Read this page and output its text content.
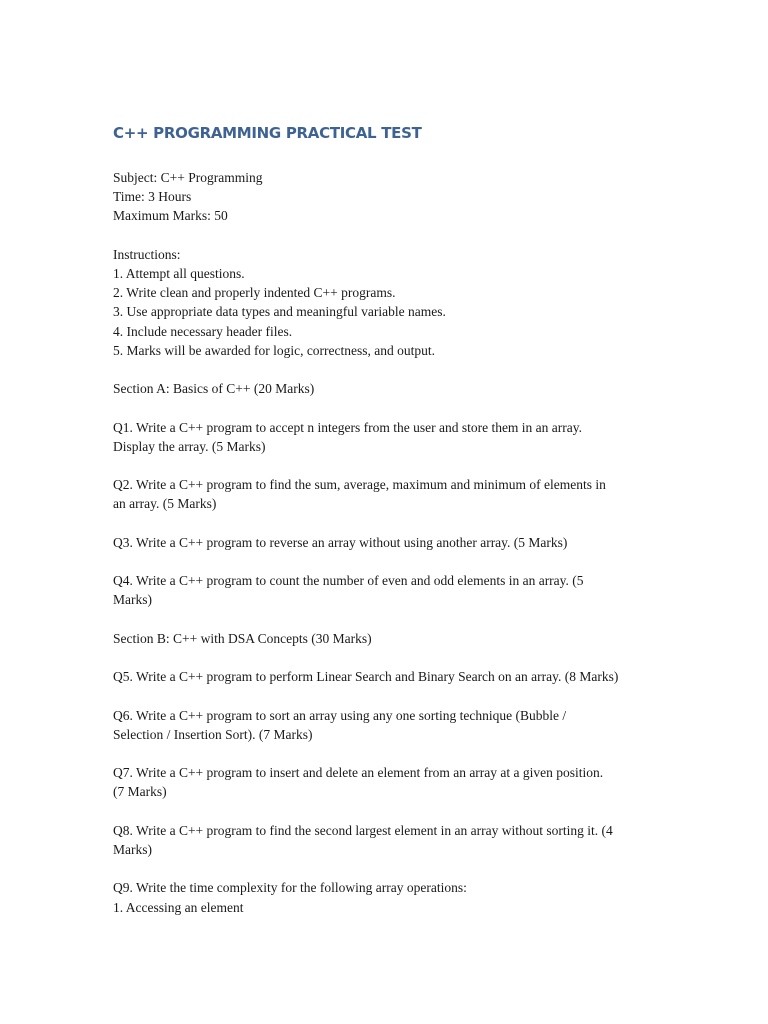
C++ PROGRAMMING PRACTICAL TEST
Subject: C++ Programming
Time: 3 Hours
Maximum Marks: 50
Instructions:
1. Attempt all questions.
2. Write clean and properly indented C++ programs.
3. Use appropriate data types and meaningful variable names.
4. Include necessary header files.
5. Marks will be awarded for logic, correctness, and output.
Section A: Basics of C++ (20 Marks)
Q1. Write a C++ program to accept n integers from the user and store them in an array.
Display the array. (5 Marks)
Q2. Write a C++ program to find the sum, average, maximum and minimum of elements in
an array. (5 Marks)
Q3. Write a C++ program to reverse an array without using another array. (5 Marks)
Q4. Write a C++ program to count the number of even and odd elements in an array. (5
Marks)
Section B: C++ with DSA Concepts (30 Marks)
Q5. Write a C++ program to perform Linear Search and Binary Search on an array. (8 Marks)
Q6. Write a C++ program to sort an array using any one sorting technique (Bubble /
Selection / Insertion Sort). (7 Marks)
Q7. Write a C++ program to insert and delete an element from an array at a given position.
(7 Marks)
Q8. Write a C++ program to find the second largest element in an array without sorting it. (4
Marks)
Q9. Write the time complexity for the following array operations:
1. Accessing an element
